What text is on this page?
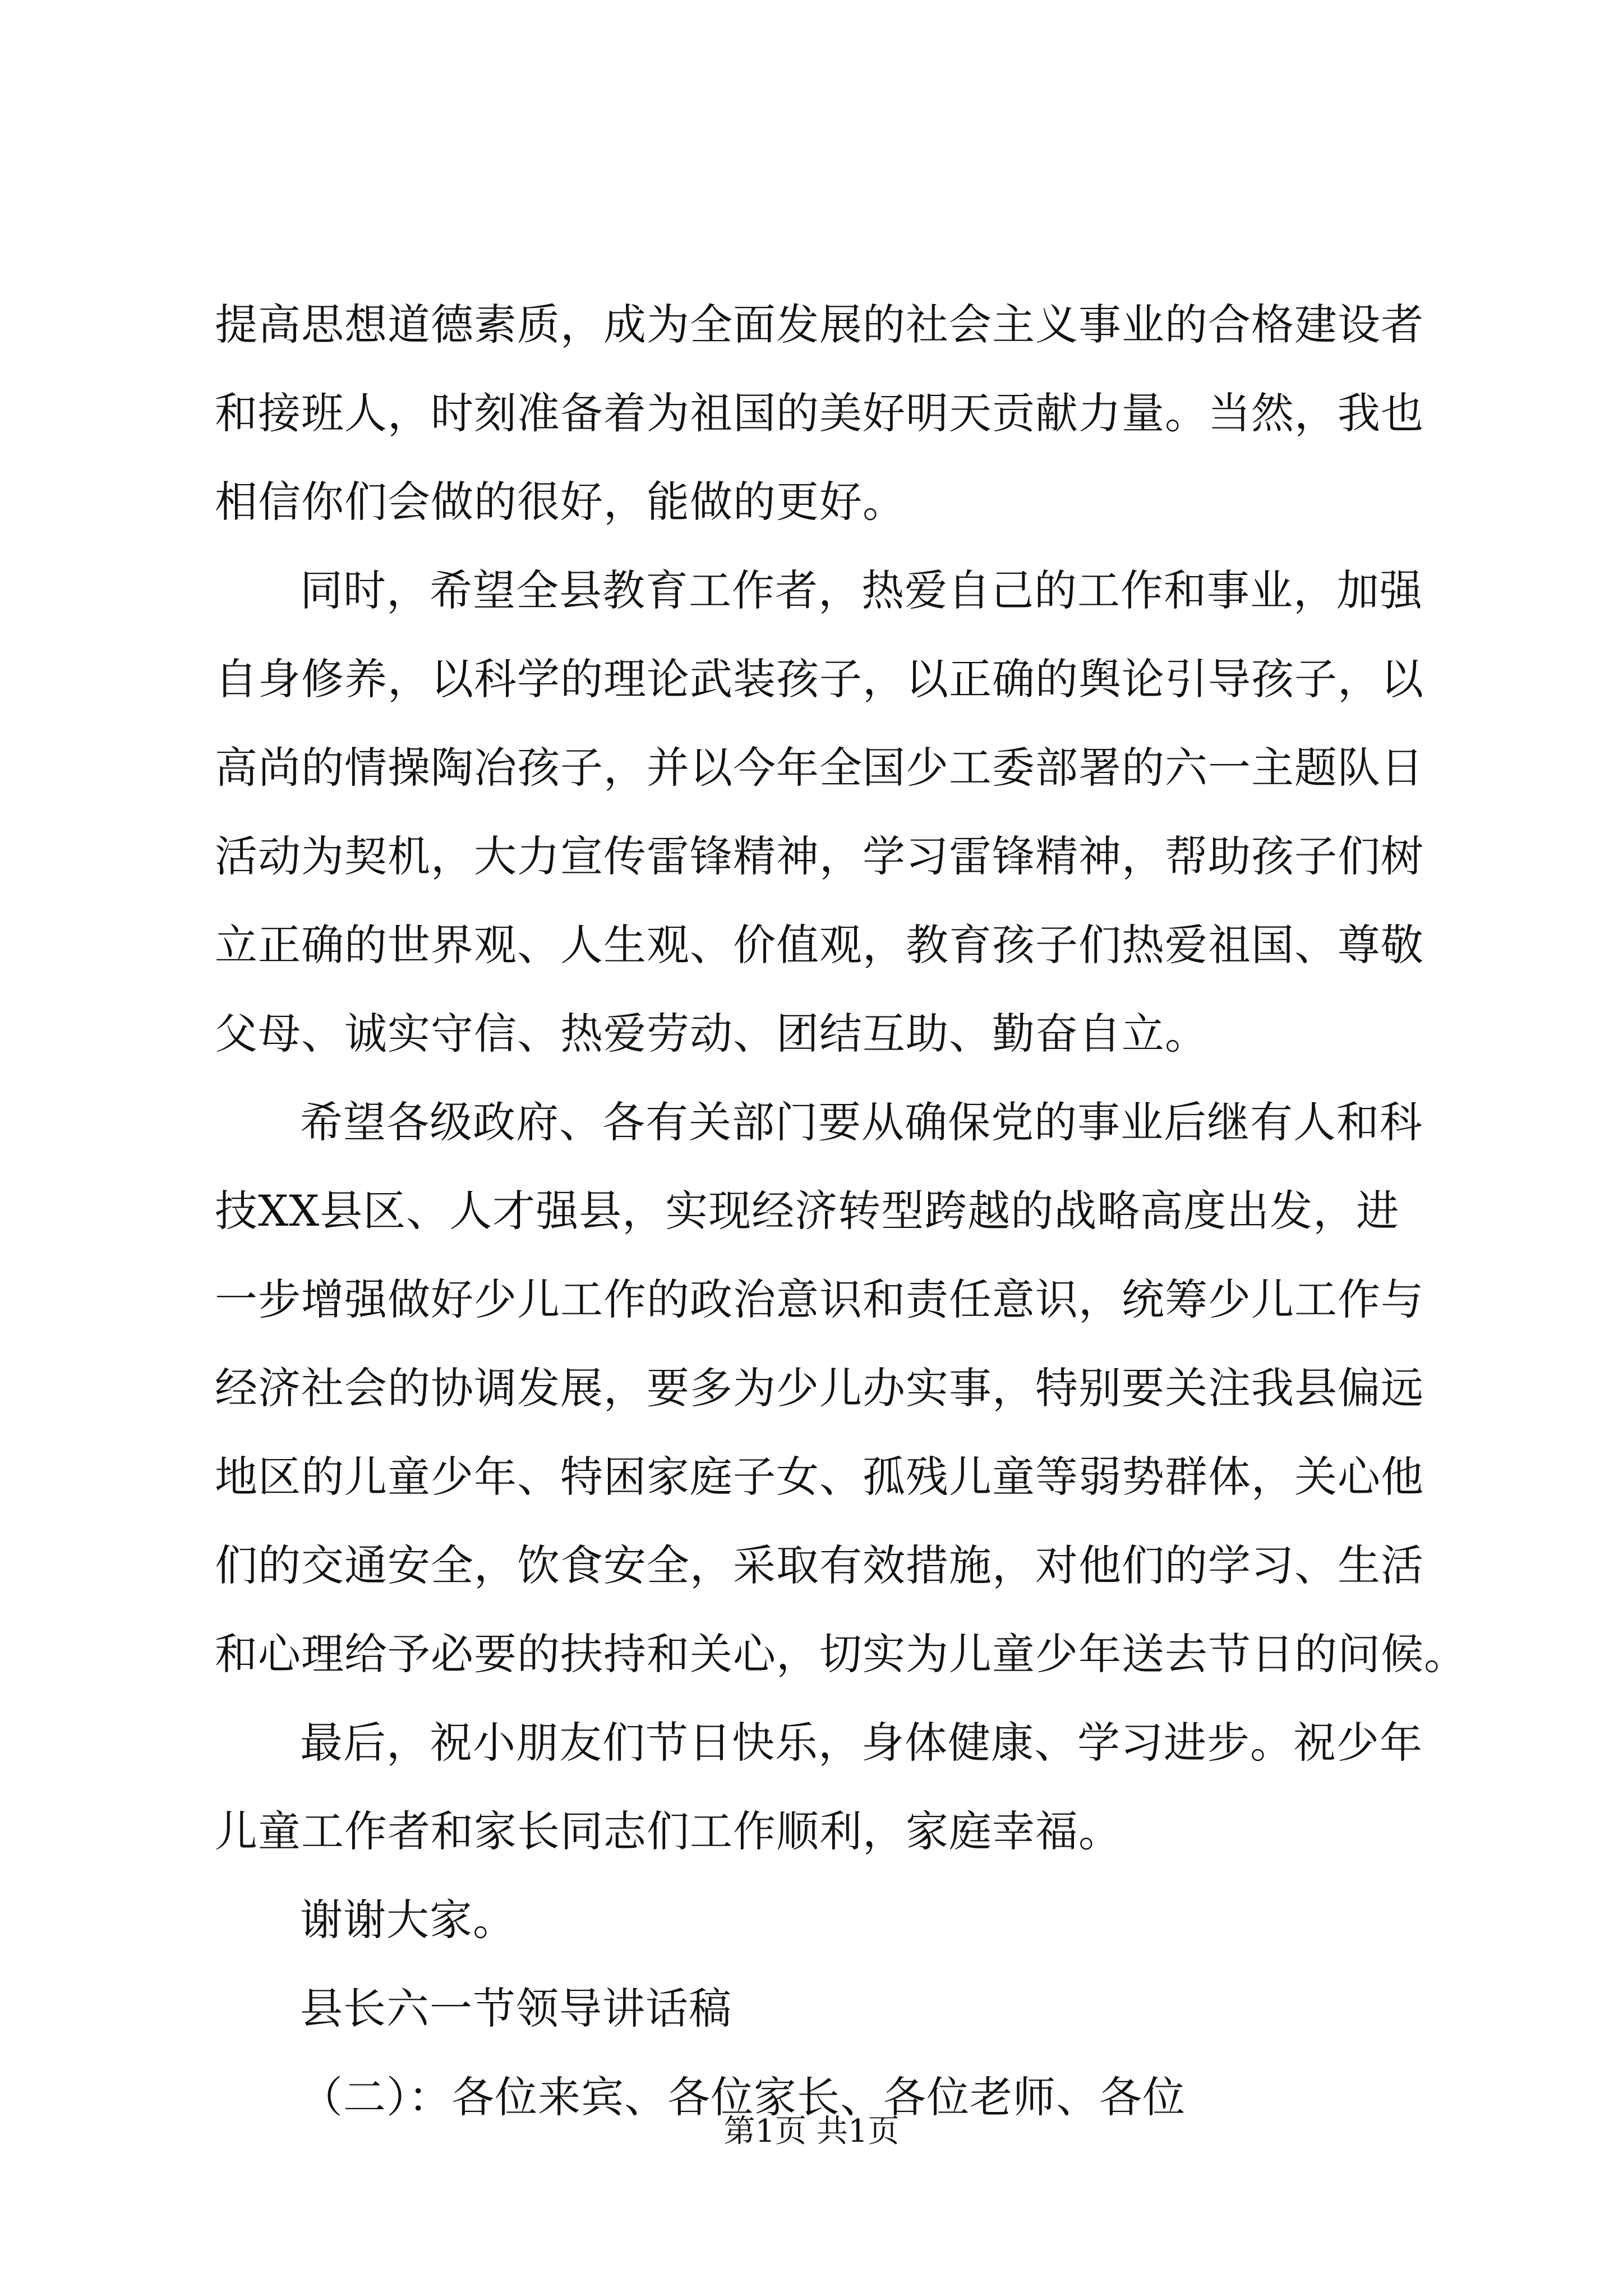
提高思想道德素质，成为全面发展的社会主义事业的合格建设者
和接班人，时刻准备着为祖国的美好明天贡献力量。当然，我也
相信你们会做的很好，能做的更好。
同时，希望全县教育工作者，热爱自己的工作和事业，加强
自身修养，以科学的理论武装孩子，以正确的舆论引导孩子，以
高尚的情操陶冶孩子，并以今年全国少工委部署的六一主题队日
活动为契机，大力宣传雷锋精神，学习雷锋精神，帮助孩子们树
立正确的世界观、人生观、价值观，教育孩子们热爱祖国、尊敬
父母、诚实守信、热爱劳动、团结互助、勤奋自立。
希望各级政府、各有关部门要从确保党的事业后继有人和科
技XX县区、人才强县，实现经济转型跨越的战略高度出发，进
一步增强做好少儿工作的政治意识和责任意识，统筹少儿工作与
经济社会的协调发展，要多为少儿办实事，特别要关注我县偏远
地区的儿童少年、特困家庭子女、孤残儿童等弱势群体，关心他
们的交通安全，饮食安全，采取有效措施，对他们的学习、生活
和心理给予必要的扶持和关心，切实为儿童少年送去节日的问候。
最后，祝小朋友们节日快乐，身体健康、学习进步。祝少年
儿童工作者和家长同志们工作顺利，家庭幸福。
谢谢大家。
县长六一节领导讲话稿
（二）：各位来宾、各位家长、各位老师、各位
第1页 共1页
